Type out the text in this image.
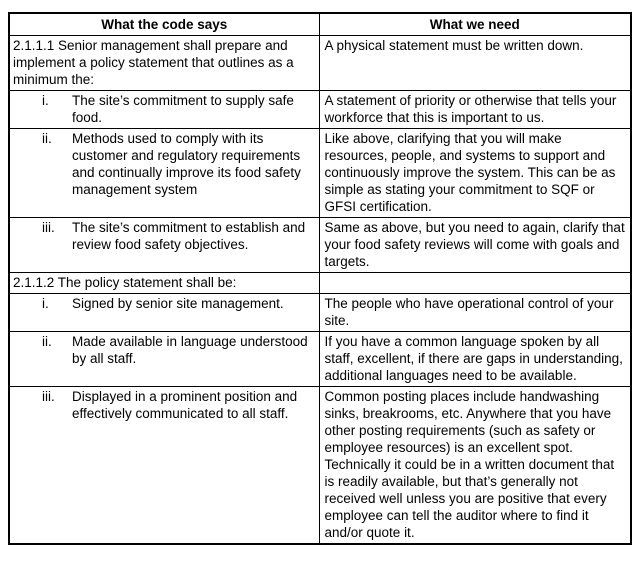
What the code says	What we need
2.1.1.1 Senior management shall prepare and implement a policy statement that outlines as a minimum the:	A physical statement must be written down.

i. The site’s commitment to supply safe food.	A statement of priority or otherwise that tells your workforce that this is important to us.

ii. Methods used to comply with its customer and regulatory requirements and continually improve its food safety management system	Like above, clarifying that you will make resources, people, and systems to support and continuously improve the system. This can be as simple as stating your commitment to SQF or GFSI certification.

iii. The site’s commitment to establish and review food safety objectives.	Same as above, but you need to again, clarify that your food safety reviews will come with goals and targets.
2.1.1.2 The policy statement shall be:	

i. Signed by senior site management.	The people who have operational control of your site.

ii. Made available in language understood by all staff.	If you have a common language spoken by all staff, excellent, if there are gaps in understanding, additional languages need to be available.

iii. Displayed in a prominent position and effectively communicated to all staff.	Common posting places include handwashing sinks, breakrooms, etc. Anywhere that you have other posting requirements (such as safety or employee resources) is an excellent spot. Technically it could be in a written document that is readily available, but that’s generally not received well unless you are positive that every employee can tell the auditor where to find it and/or quote it.
